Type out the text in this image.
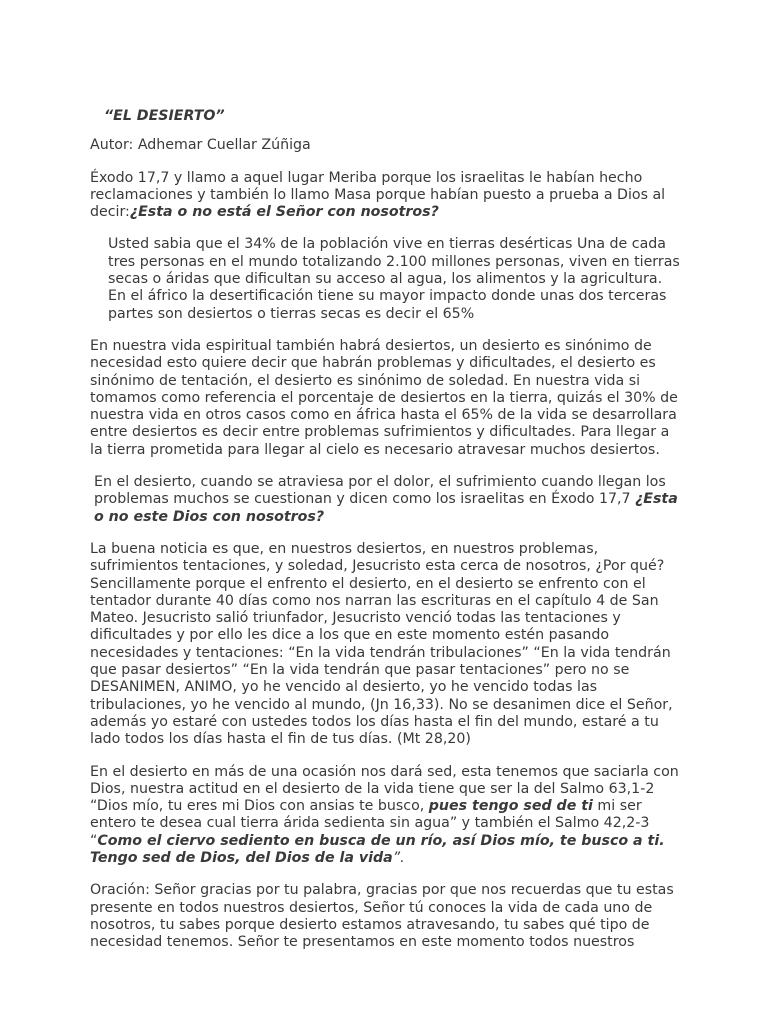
“EL DESIERTO”

Autor: Adhemar Cuellar Zúñiga

Éxodo 17,7 y llamo a aquel lugar Meriba porque los israelitas le habían hecho reclamaciones y también lo llamo Masa porque habían puesto a prueba a Dios al decir:¿Esta o no está el Señor con nosotros?

Usted sabia que el 34% de la población vive en tierras desérticas Una de cada tres personas en el mundo totalizando 2.100 millones personas, viven en tierras secas o áridas que dificultan su acceso al agua, los alimentos y la agricultura. En el áfrico la desertificación tiene su mayor impacto donde unas dos terceras partes son desiertos o tierras secas es decir el 65%

En nuestra vida espiritual también habrá desiertos, un desierto es sinónimo de necesidad esto quiere decir que habrán problemas y dificultades, el desierto es sinónimo de tentación, el desierto es sinónimo de soledad. En nuestra vida si tomamos como referencia el porcentaje de desiertos en la tierra, quizás el 30% de nuestra vida en otros casos como en áfrica hasta el 65% de la vida se desarrollara entre desiertos es decir entre problemas sufrimientos y dificultades. Para llegar a la tierra prometida para llegar al cielo es necesario atravesar muchos desiertos.

En el desierto, cuando se atraviesa por el dolor, el sufrimiento cuando llegan los problemas muchos se cuestionan y dicen como los israelitas en Éxodo 17,7 ¿Esta o no este Dios con nosotros?

La buena noticia es que, en nuestros desiertos, en nuestros problemas, sufrimientos tentaciones, y soledad, Jesucristo esta cerca de nosotros, ¿Por qué? Sencillamente porque el enfrento el desierto, en el desierto se enfrento con el tentador durante 40 días como nos narran las escrituras en el capítulo 4 de San Mateo. Jesucristo salió triunfador, Jesucristo venció todas las tentaciones y dificultades y por ello les dice a los que en este momento estén pasando necesidades y tentaciones: “En la vida tendrán tribulaciones” “En la vida tendrán que pasar desiertos” “En la vida tendrán que pasar tentaciones” pero no se DESANIMEN, ANIMO, yo he vencido al desierto, yo he vencido todas las tribulaciones, yo he vencido al mundo, (Jn 16,33). No se desanimen dice el Señor, además yo estaré con ustedes todos los días hasta el fin del mundo, estaré a tu lado todos los días hasta el fin de tus días. (Mt 28,20)

En el desierto en más de una ocasión nos dará sed, esta tenemos que saciarla con Dios, nuestra actitud en el desierto de la vida tiene que ser la del Salmo 63,1-2 “Dios mío, tu eres mi Dios con ansias te busco, pues tengo sed de ti mi ser entero te desea cual tierra árida sedienta sin agua” y también el Salmo 42,2-3 “Como el ciervo sediento en busca de un río, así Dios mío, te busco a ti. Tengo sed de Dios, del Dios de la vida”.

Oración: Señor gracias por tu palabra, gracias por que nos recuerdas que tu estas presente en todos nuestros desiertos, Señor tú conoces la vida de cada uno de nosotros, tu sabes porque desierto estamos atravesando, tu sabes qué tipo de necesidad tenemos. Señor te presentamos en este momento todos nuestros
